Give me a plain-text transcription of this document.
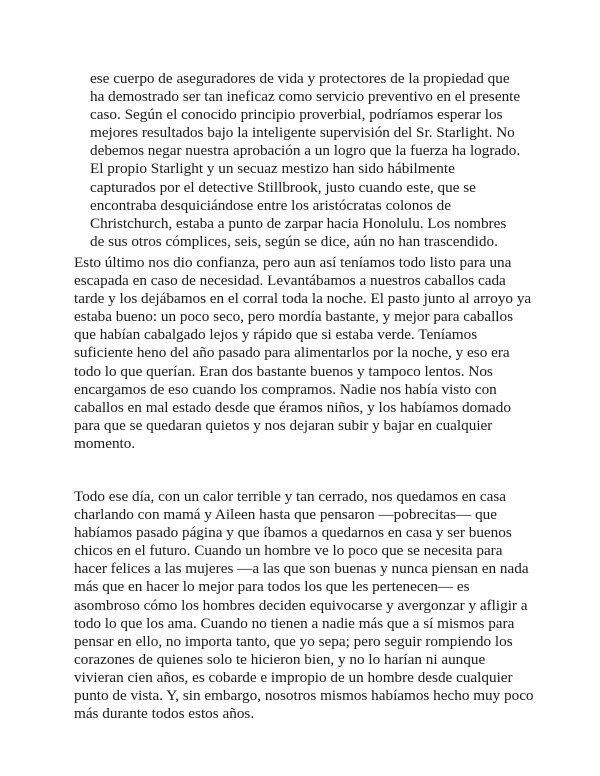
ese cuerpo de aseguradores de vida y protectores de la propiedad que
ha demostrado ser tan ineficaz como servicio preventivo en el presente
caso. Según el conocido principio proverbial, podríamos esperar los
mejores resultados bajo la inteligente supervisión del Sr. Starlight. No
debemos negar nuestra aprobación a un logro que la fuerza ha logrado.
El propio Starlight y un secuaz mestizo han sido hábilmente
capturados por el detective Stillbrook, justo cuando este, que se
encontraba desquiciándose entre los aristócratas colonos de
Christchurch, estaba a punto de zarpar hacia Honolulu. Los nombres
de sus otros cómplices, seis, según se dice, aún no han trascendido.
Esto último nos dio confianza, pero aun así teníamos todo listo para una
escapada en caso de necesidad. Levantábamos a nuestros caballos cada
tarde y los dejábamos en el corral toda la noche. El pasto junto al arroyo ya
estaba bueno: un poco seco, pero mordía bastante, y mejor para caballos
que habían cabalgado lejos y rápido que si estaba verde. Teníamos
suficiente heno del año pasado para alimentarlos por la noche, y eso era
todo lo que querían. Eran dos bastante buenos y tampoco lentos. Nos
encargamos de eso cuando los compramos. Nadie nos había visto con
caballos en mal estado desde que éramos niños, y los habíamos domado
para que se quedaran quietos y nos dejaran subir y bajar en cualquier
momento.
Todo ese día, con un calor terrible y tan cerrado, nos quedamos en casa
charlando con mamá y Aileen hasta que pensaron —pobrecitas— que
habíamos pasado página y que íbamos a quedarnos en casa y ser buenos
chicos en el futuro. Cuando un hombre ve lo poco que se necesita para
hacer felices a las mujeres —a las que son buenas y nunca piensan en nada
más que en hacer lo mejor para todos los que les pertenecen— es
asombroso cómo los hombres deciden equivocarse y avergonzar y afligir a
todo lo que los ama. Cuando no tienen a nadie más que a sí mismos para
pensar en ello, no importa tanto, que yo sepa; pero seguir rompiendo los
corazones de quienes solo te hicieron bien, y no lo harían ni aunque
vivieran cien años, es cobarde e impropio de un hombre desde cualquier
punto de vista. Y, sin embargo, nosotros mismos habíamos hecho muy poco
más durante todos estos años.
